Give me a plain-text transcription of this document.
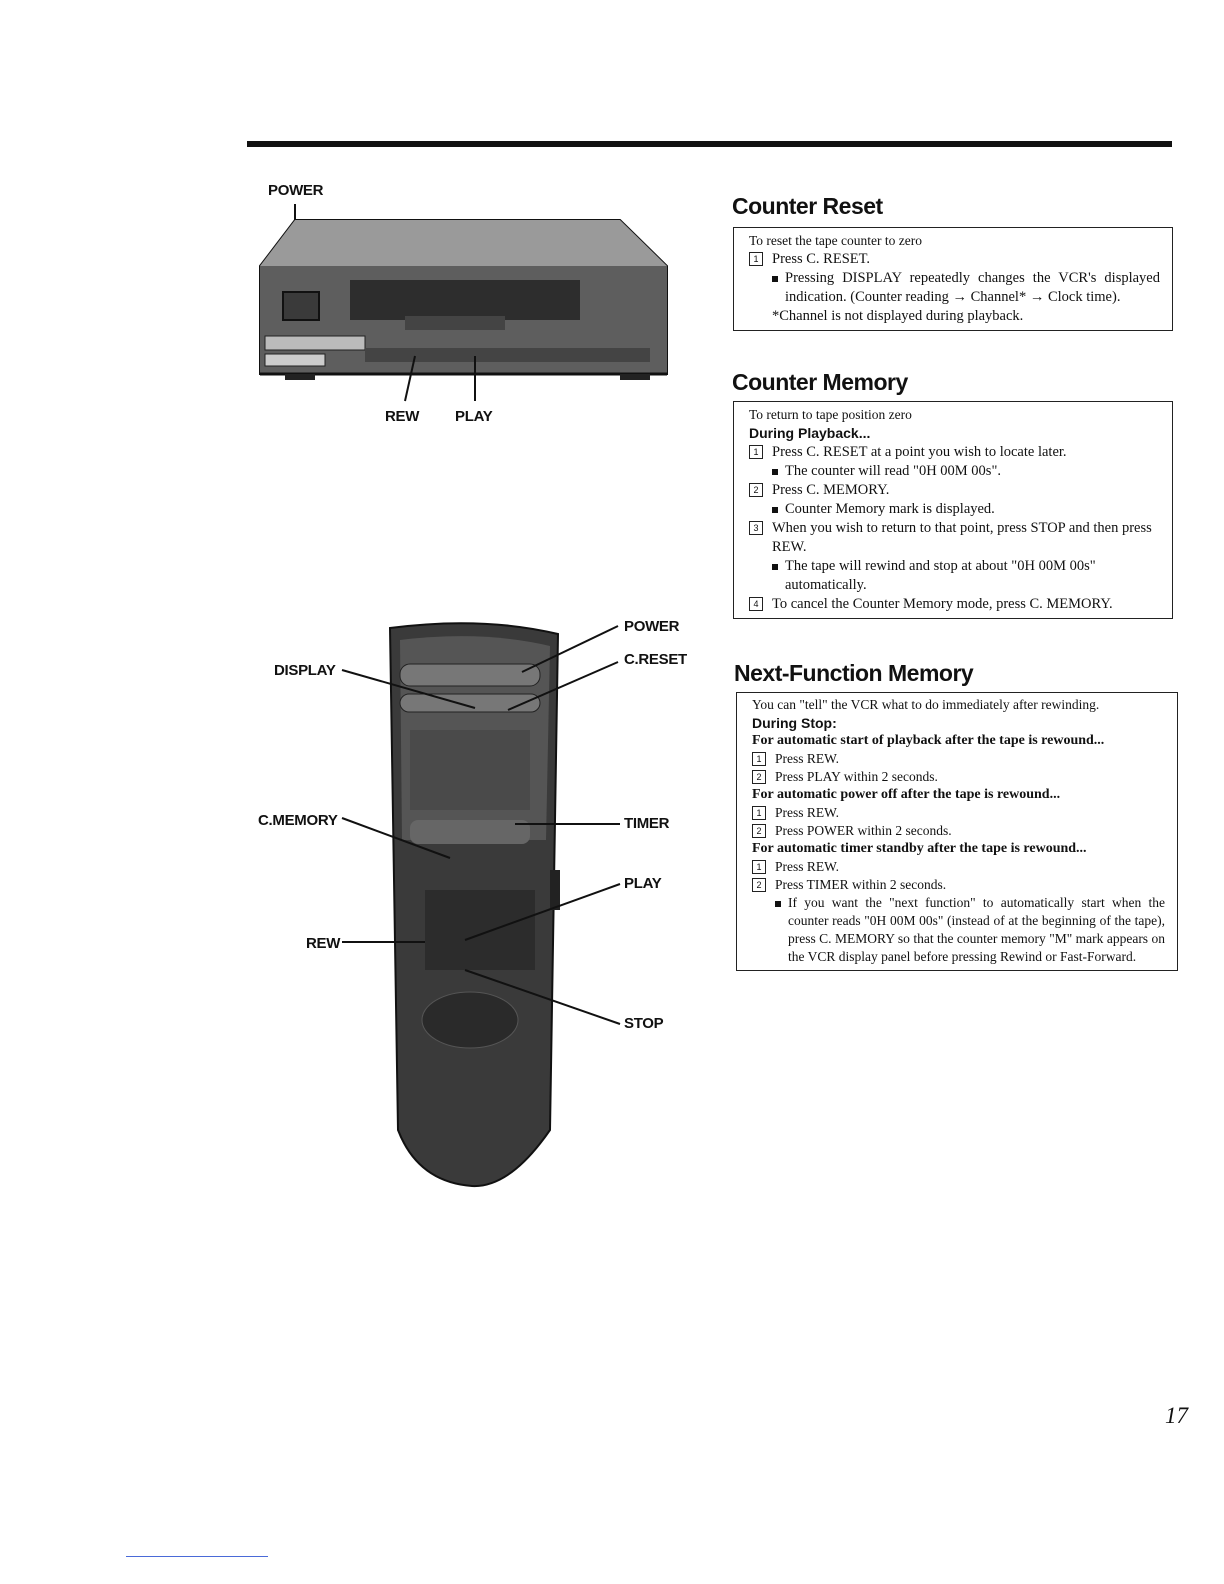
POWER
REW PLAY
POWER
C.RESET
DISPLAY
C.MEMORY	TIMER
PLAY
REW
STOP
Counter Reset
To reset the tape counter to zero
1 Press C. RESET.
Pressing DISPLAY repeatedly changes the VCR's displayed indication. (Counter reading → Channel* → Clock time).
*Channel is not displayed during playback.
Counter Memory
To return to tape position zero
During Playback...
1 Press C. RESET at a point you wish to locate later.
The counter will read "0H 00M 00s".
2 Press C. MEMORY.
Counter Memory mark is displayed.
3 When you wish to return to that point, press STOP and then press REW.
The tape will rewind and stop at about "0H 00M 00s" automatically.
4 To cancel the Counter Memory mode, press C. MEMORY.
Next-Function Memory
You can "tell" the VCR what to do immediately after rewinding.
During Stop:
For automatic start of playback after the tape is rewound...
1	Press REW.
2	Press PLAY within 2 seconds.
For automatic power off after the tape is rewound...
1	Press REW.
2	Press POWER within 2 seconds.
For automatic timer standby after the tape is rewound...
1	Press REW.
2	Press TIMER within 2 seconds.
If you want the "next function" to automatically start when the counter reads "0H 00M 00s" (instead of at the beginning of the tape), press C. MEMORY so that the counter memory "M" mark appears on the VCR display panel before pressing Rewind or Fast-Forward.
17
